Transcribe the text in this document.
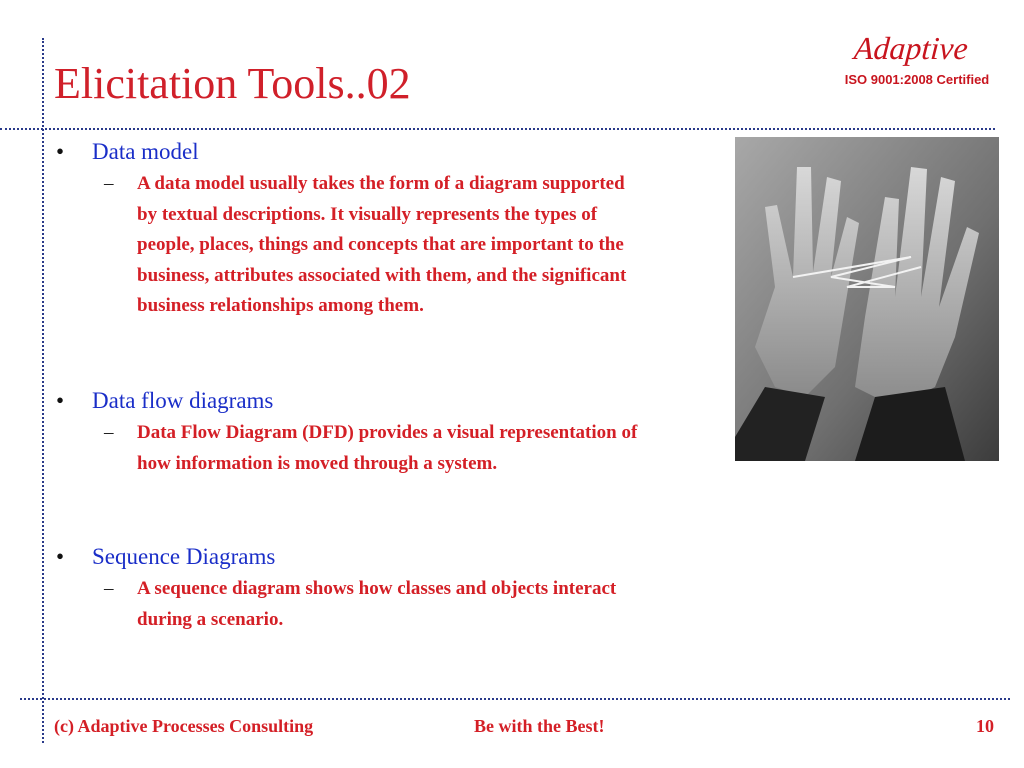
Elicitation Tools..02
Adaptive
ISO 9001:2008 Certified
• Data model
–	A data model usually takes the form of a diagram supported by textual descriptions. It visually represents the types of people, places, things and concepts that are important to the business, attributes associated with them, and the significant business relationships among them.
• Data flow diagrams
–	Data Flow Diagram (DFD) provides a visual representation of how information is moved through a system.
• Sequence Diagrams
–	A sequence diagram shows how classes and objects interact during a scenario.
(c) Adaptive Processes Consulting	Be with the Best!	10
